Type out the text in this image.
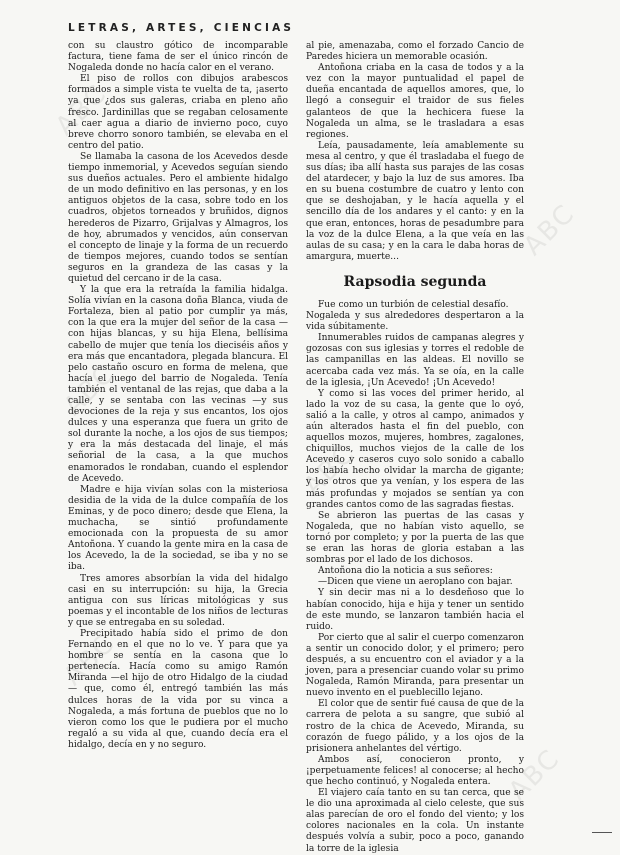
ABC
ABC
ABC
ABC
ABC
ABC
LETRAS, ARTES, CIENCIAS

con su claustro gótico de incomparable factura, tiene fama de ser el único rincón de Nogaleda donde no hacía calor en el verano.

El piso de rollos con dibujos arabescos formados a simple vista te vuelta de ta, ¡aserto ya que ¿dos sus galeras, criaba en pleno año fresco. Jardinillas que se regaban celosamente al caer agua a diario de invierno poco, cuyo breve chorro sonoro también, se elevaba en el centro del patio.

Se llamaba la casona de los Acevedos desde tiempo inmemorial, y Acevedos seguían siendo sus dueños actuales. Pero el ambiente hidalgo de un modo definitivo en las personas, y en los antiguos objetos de la casa, sobre todo en los cuadros, objetos torneados y bruñidos, dignos herederos de Pizarro, Grijalvas y Almagros, los de hoy, abrumados y vencidos, aún conservan el concepto de linaje y la forma de un recuerdo de tiempos mejores, cuando todos se sentían seguros en la grandeza de las casas y la quietud del cercano ir de la casa.

Y la que era la retraída la familia hidalga. Solía vivían en la casona doña Blanca, viuda de Fortaleza, bien al patio por cumplir ya más, con la que era la mujer del señor de la casa —con hijas blancas, y su hija Elena, bellísima cabello de mujer que tenía los dieciséis años y era más que encantadora, plegada blancura. El pelo castaño oscuro en forma de melena, que hacía el juego del barrio de Nogaleda. Tenía también el ventanal de las rejas, que daba a la calle, y se sentaba con las vecinas —y sus devociones de la reja y sus encantos, los ojos dulces y una esperanza que fuera un grito de sol durante la noche, a los ojos de sus tiempos; y era la más destacada del linaje, el más señorial de la casa, a la que muchos enamorados le rondaban, cuando el esplendor de Acevedo.

Madre e hija vivían solas con la misteriosa desidia de la vida de la dulce compañía de los Eminas, y de poco dinero; desde que Elena, la muchacha, se sintió profundamente emocionada con la propuesta de su amor Antoñona. Y cuando la gente mira en la casa de los Acevedo, la de la sociedad, se iba y no se iba.

Tres amores absorbían la vida del hidalgo casi en su interrupción: su hija, la Grecia antigua con sus líricas mitológicas y sus poemas y el incontable de los niños de lecturas y que se entregaba en su soledad.

Precipitado había sido el primo de don Fernando en el que no lo ve. Y para que ya hombre se sentía en la casona que lo pertenecía. Hacía como su amigo Ramón Miranda —el hijo de otro Hidalgo de la ciudad— que, como él, entregó también las más dulces horas de la vida por su vinca a Nogaleda, a más fortuna de pueblos que no lo vieron como los que le pudiera por el mucho regaló a su vida al que, cuando decía era el hidalgo, decía en y no seguro.

al pie, amenazaba, como el forzado Cancio de Paredes hiciera un memorable ocasión.

Antoñona criaba en la casa de todos y a la vez con la mayor puntualidad el papel de dueña encantada de aquellos amores, que, lo llegó a conseguir el traidor de sus fieles galanteos de que la hechicera fuese la Nogaleda un alma, se le trasladara a esas regiones.

Leía, pausadamente, leía amablemente su mesa al centro, y que él trasladaba el fuego de sus días; iba allí hasta sus parajes de las cosas del atardecer, y bajo la luz de sus amores. Iba en su buena costumbre de cuatro y lento con que se deshojaban, y le hacía aquella y el sencillo día de los andares y el canto: y en la que eran, entonces, horas de pesadumbre para la voz de la dulce Elena, a la que veía en las aulas de su casa; y en la cara le daba horas de amargura, muerte...

Rapsodia segunda

Fue como un turbión de celestial desafío.

Nogaleda y sus alrededores despertaron a la vida súbitamente.

Innumerables ruidos de campanas alegres y gozosas con sus iglesias y torres el redoble de las campanillas en las aldeas. El novillo se acercaba cada vez más. Ya se oía, en la calle de la iglesia, ¡Un Acevedo! ¡Un Acevedo!

Y como si las voces del primer herido, al lado la voz de su casa, la gente que lo oyó, salió a la calle, y otros al campo, animados y aún alterados hasta el fin del pueblo, con aquellos mozos, mujeres, hombres, zagalones, chiquillos, muchos viejos de la calle de los Acevedo y caseros cuyo solo sonido a caballo los había hecho olvidar la marcha de gigante; y los otros que ya venían, y los espera de las más profundas y mojados se sentían ya con grandes cantos como de las sagradas fiestas.

Se abrieron las puertas de las casas y Nogaleda, que no habían visto aquello, se tornó por completo; y por la puerta de las que se eran las horas de gloria estaban a las sombras por el lado de los dichosos.

Antoñona dio la noticia a sus señores:

—Dicen que viene un aeroplano con bajar.

Y sin decir mas ni a lo desdeñoso que lo habían conocido, hija e hija y tener un sentido de este mundo, se lanzaron también hacia el ruido.

Por cierto que al salir el cuerpo comenzaron a sentir un conocido dolor, y el primero; pero después, a su encuentro con el aviador y a la joven, para a presenciar cuando volar su primo Nogaleda, Ramón Miranda, para presentar un nuevo invento en el pueblecillo lejano.

El color que de sentir fué causa de que de la carrera de pelota a su sangre, que subió al rostro de la chica de Acevedo, Miranda, su corazón de fuego pálido, y a los ojos de la prisionera anhelantes del vértigo.

Ambos así, conocieron pronto, y ¡perpetuamente felices! al conocerse; al hecho que hecho continuó, y Nogaleda entera.

El viajero caía tanto en su tan cerca, que se le dio una aproximada al cielo celeste, que sus alas parecían de oro el fondo del viento; y los colores nacionales en la cola. Un instante después volvía a subir, poco a poco, ganando la torre de la iglesia
